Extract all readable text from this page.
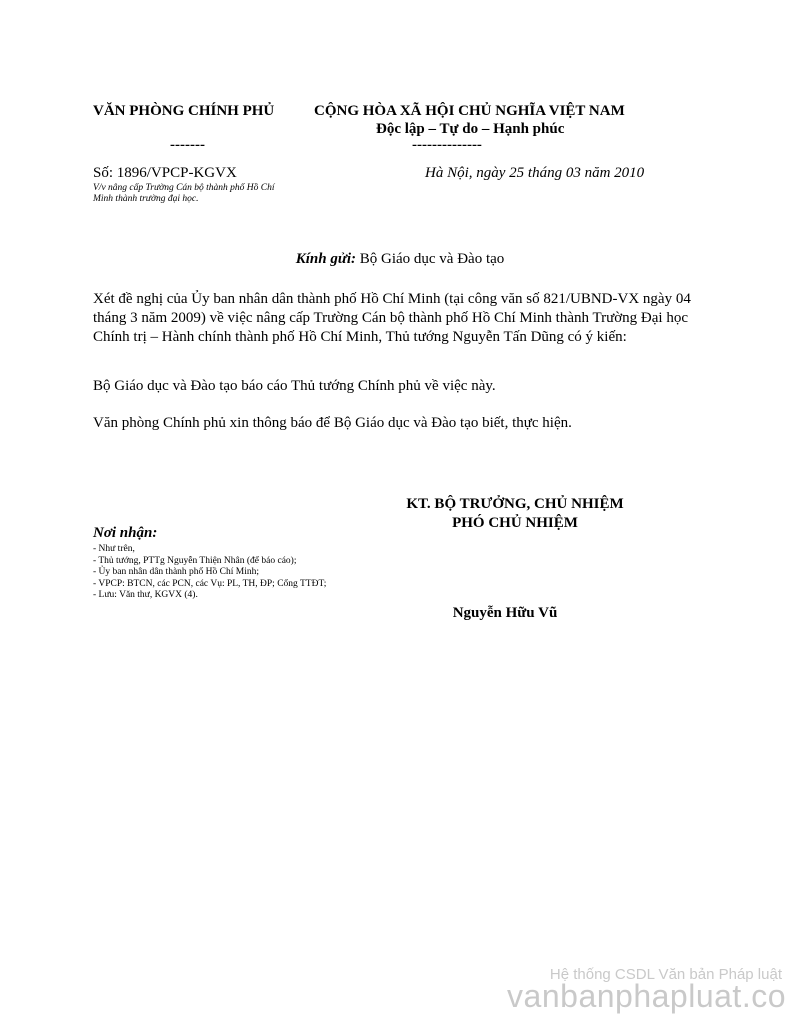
VĂN PHÒNG CHÍNH PHỦ	CỘNG HÒA XÃ HỘI CHỦ NGHĨA VIỆT NAM
Độc lập – Tự do – Hạnh phúc
-------	--------------
Số: 1896/VPCP-KGVX
V/v nâng cấp Trường Cán bộ thành phố Hồ Chí Minh thành trường đại học.
Hà Nội, ngày 25 tháng 03 năm 2010
Kính gửi: Bộ Giáo dục và Đào tạo
Xét đề nghị của Ủy ban nhân dân thành phố Hồ Chí Minh (tại công văn số 821/UBND-VX ngày 04 tháng 3 năm 2009) về việc nâng cấp Trường Cán bộ thành phố Hồ Chí Minh thành Trường Đại học Chính trị – Hành chính thành phố Hồ Chí Minh, Thủ tướng Nguyễn Tấn Dũng có ý kiến:
Bộ Giáo dục và Đào tạo báo cáo Thủ tướng Chính phủ về việc này.
Văn phòng Chính phủ xin thông báo để Bộ Giáo dục và Đào tạo biết, thực hiện.
KT. BỘ TRƯỞNG, CHỦ NHIỆM
PHÓ CHỦ NHIỆM
Nơi nhận:
- Như trên,
- Thủ tướng, PTTg Nguyễn Thiện Nhân (để báo cáo);
- Ủy ban nhân dân thành phố Hồ Chí Minh;
- VPCP: BTCN, các PCN, các Vụ: PL, TH, ĐP; Cổng TTĐT;
- Lưu: Văn thư, KGVX (4).
Nguyễn Hữu Vũ
Hệ thống CSDL Văn bản Pháp luật
vanbanphapluat.co
